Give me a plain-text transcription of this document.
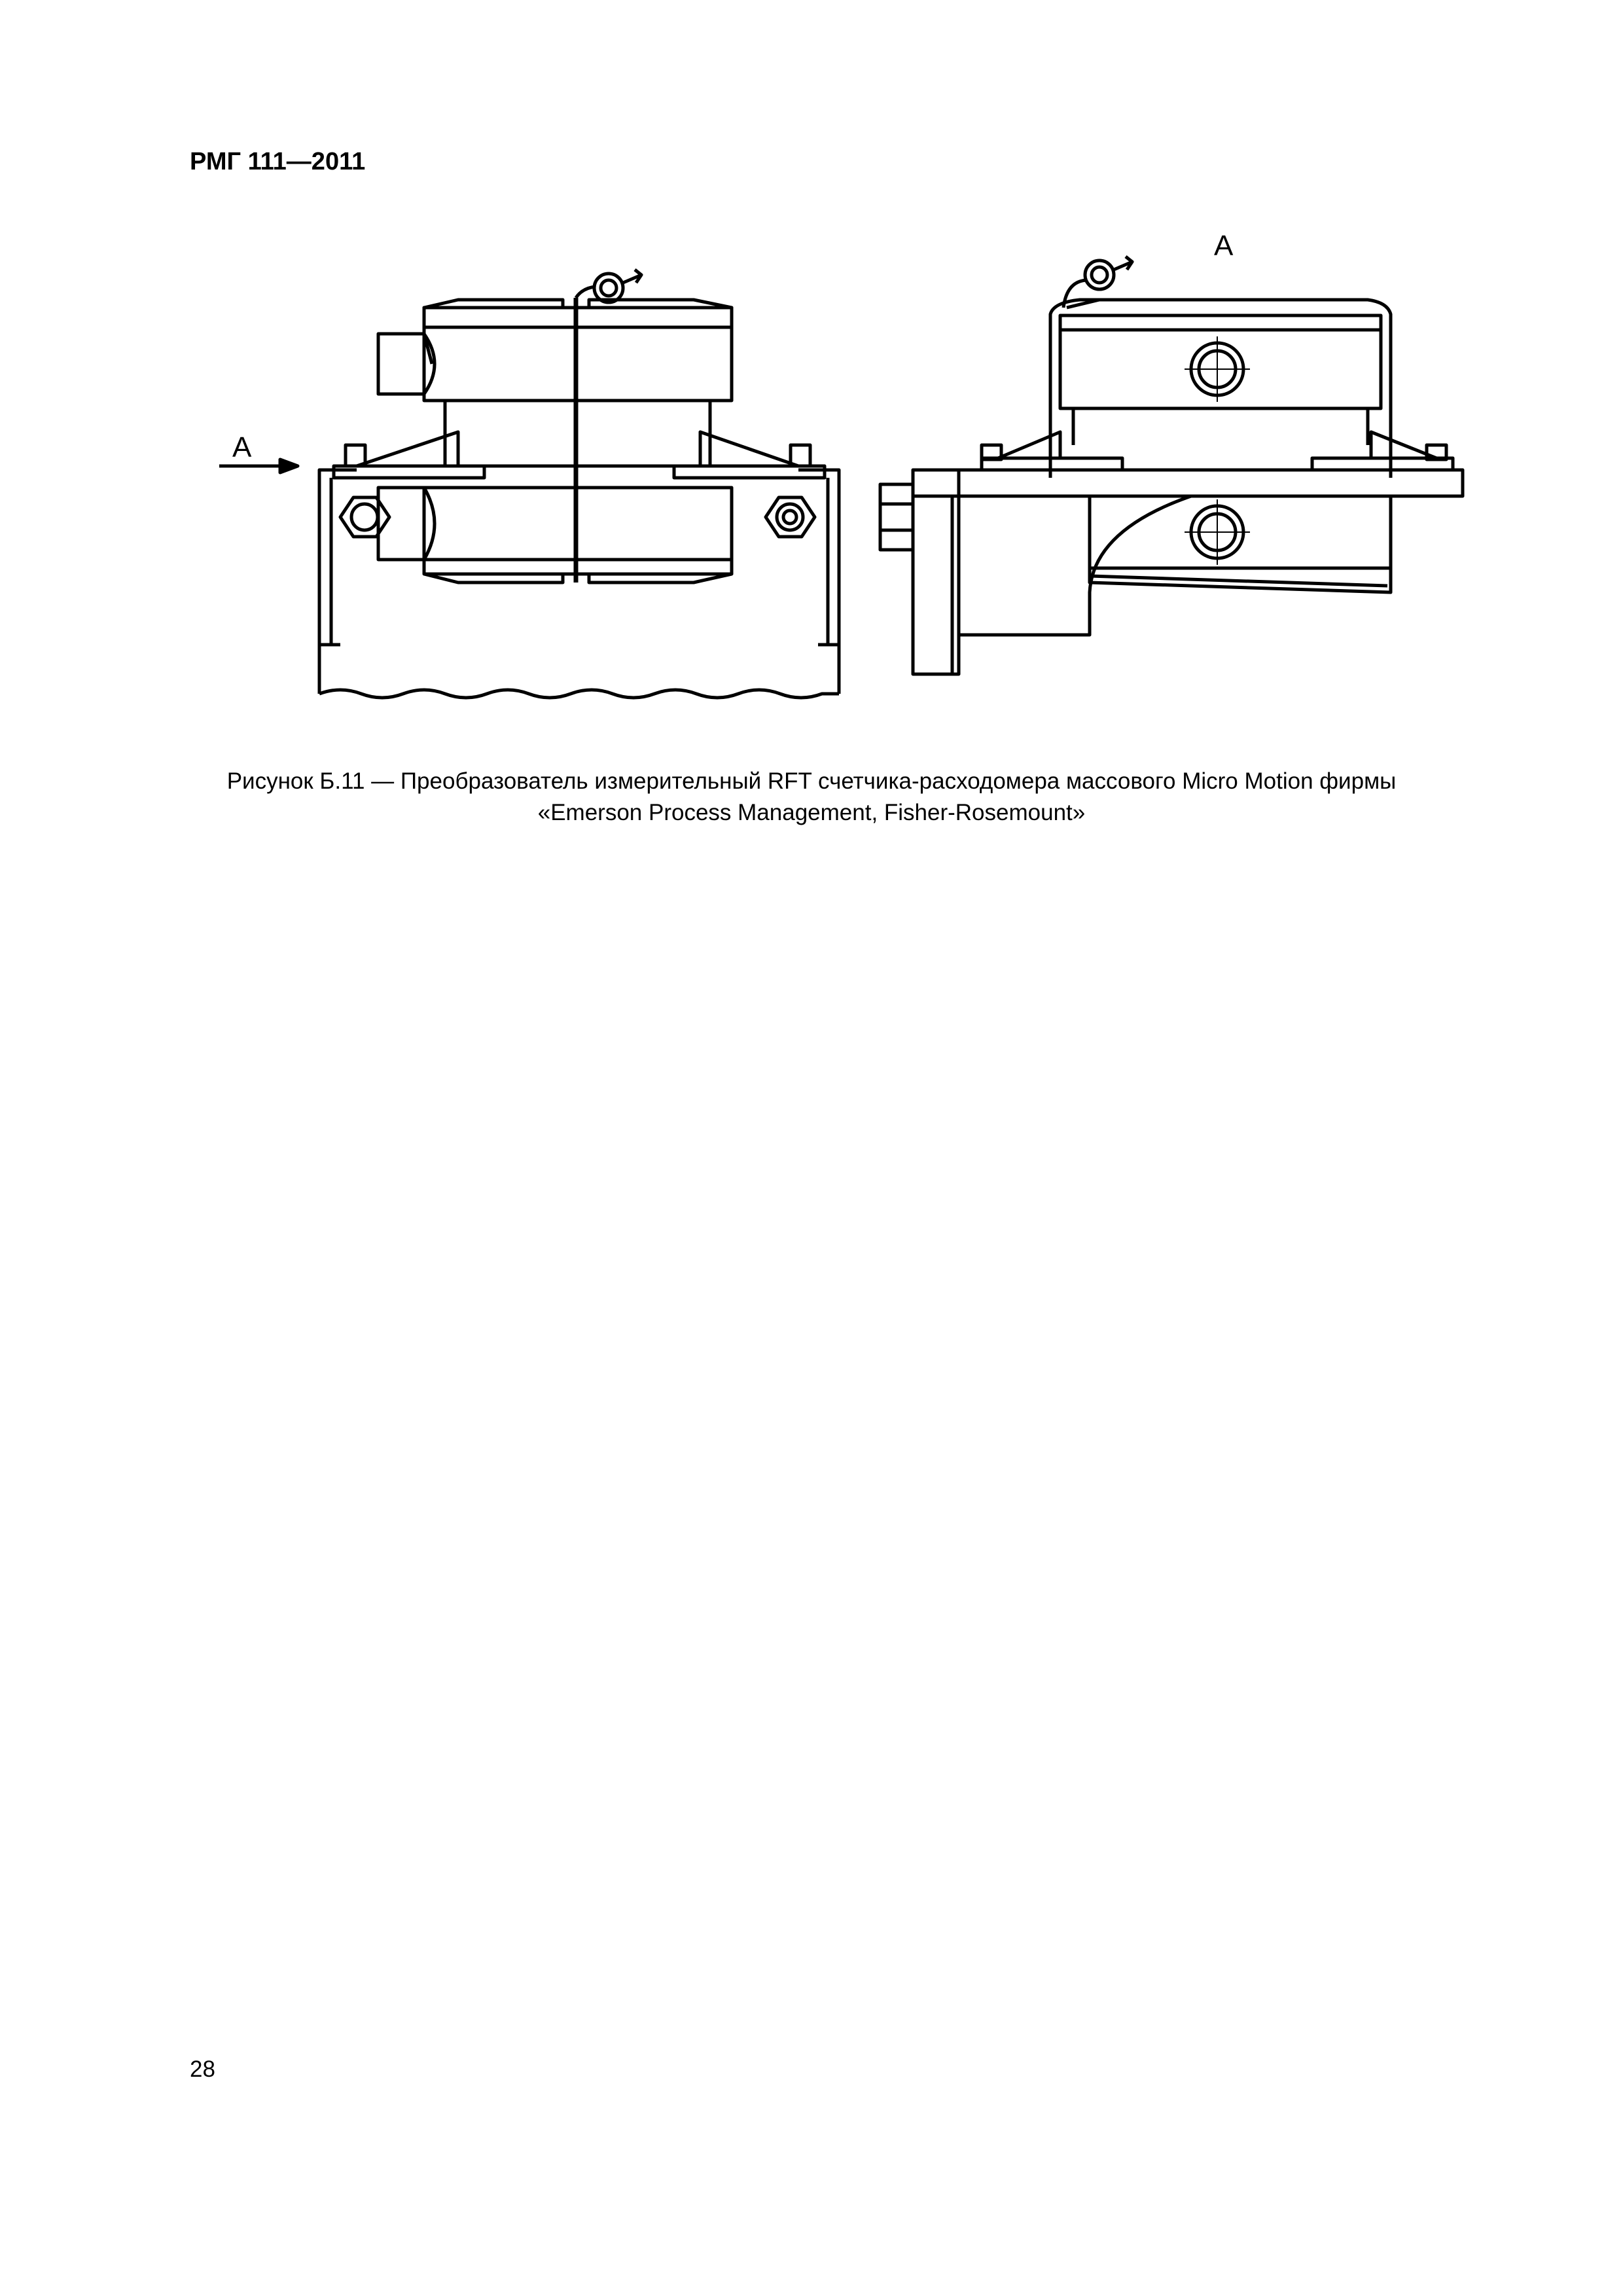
РМГ 111—2011
А
А
Рисунок Б.11 — Преобразователь измерительный RFT счетчика-расходомера массового Micro Motion фирмы
«Emerson Process Management, Fisher-Rosemount»
28
